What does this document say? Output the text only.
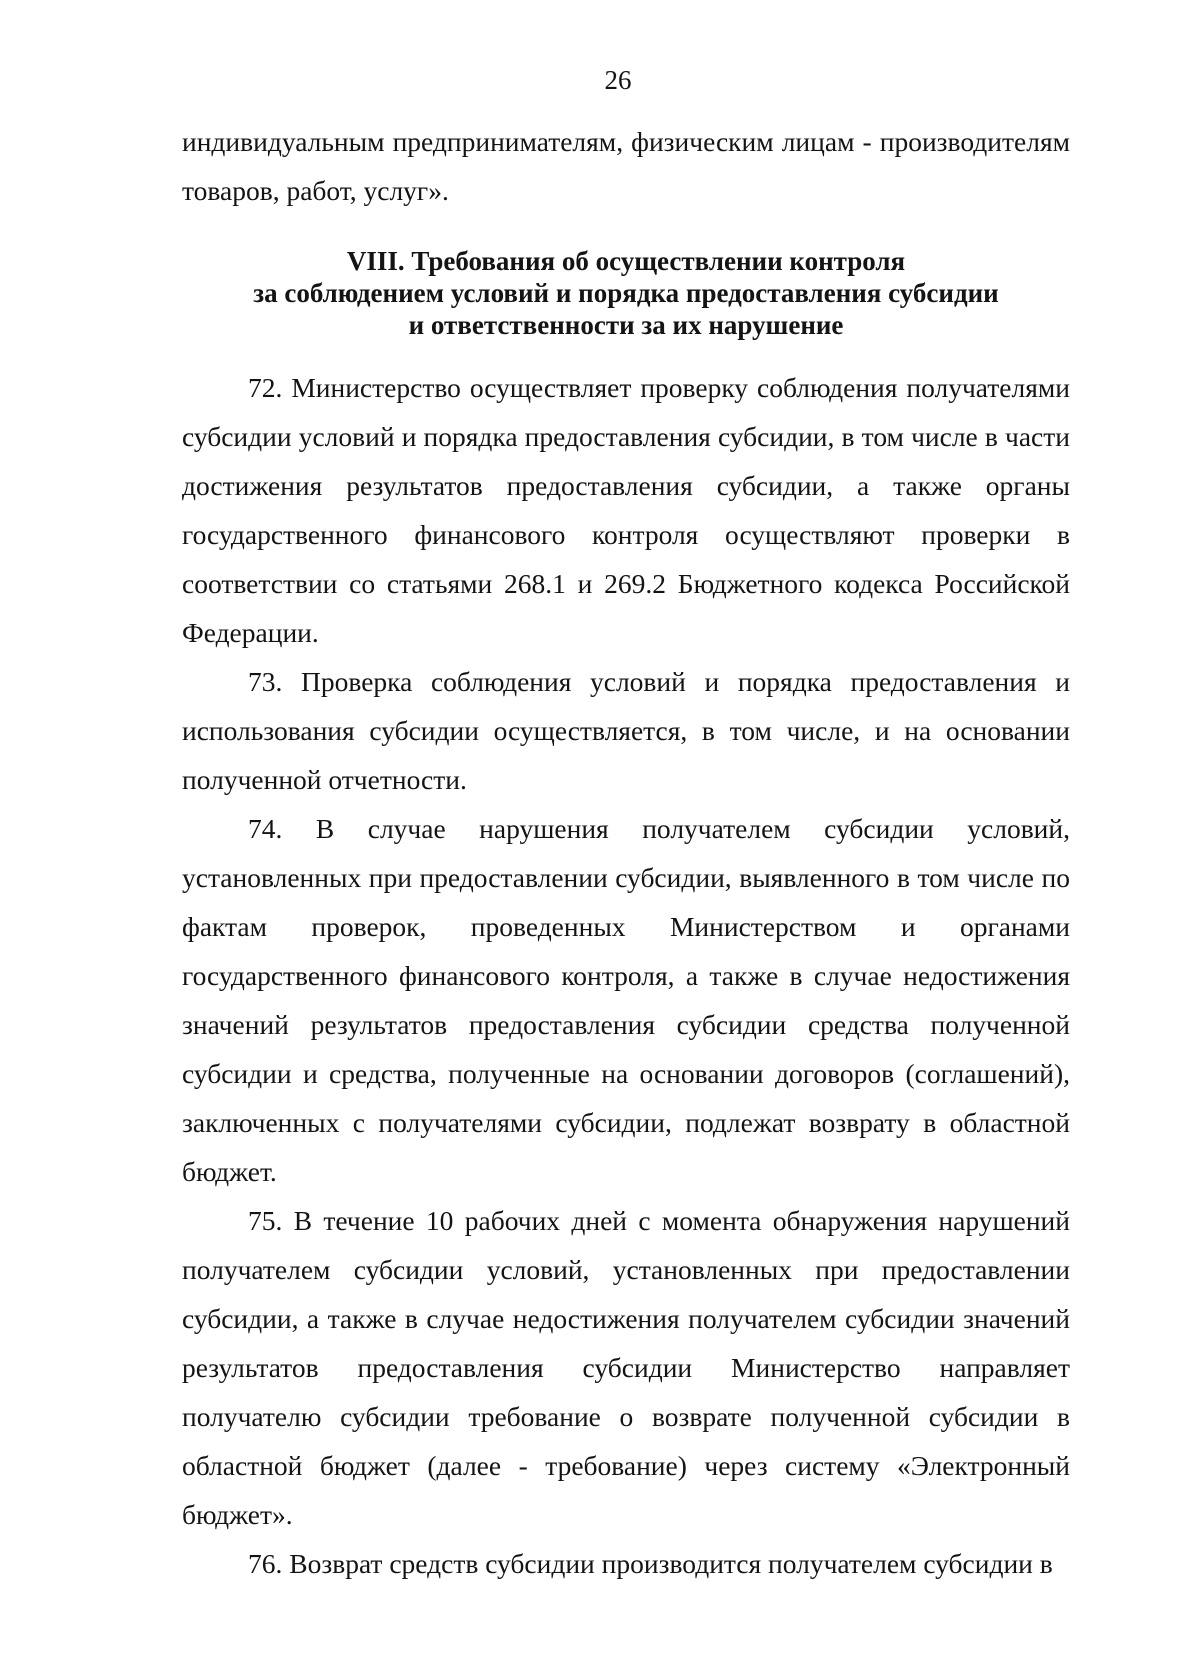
26

индивидуальным предпринимателям, физическим лицам - производителям товаров, работ, услуг».

VIII. Требования об осуществлении контроля
за соблюдением условий и порядка предоставления субсидии
и ответственности за их нарушение

72. Министерство осуществляет проверку соблюдения получателями субсидии условий и порядка предоставления субсидии, в том числе в части достижения результатов предоставления субсидии, а также органы государственного финансового контроля осуществляют проверки в соответствии со статьями 268.1 и 269.2 Бюджетного кодекса Российской Федерации.

73. Проверка соблюдения условий и порядка предоставления и использования субсидии осуществляется, в том числе, и на основании полученной отчетности.

74. В случае нарушения получателем субсидии условий, установленных при предоставлении субсидии, выявленного в том числе по фактам проверок, проведенных Министерством и органами государственного финансового контроля, а также в случае недостижения значений результатов предоставления субсидии средства полученной субсидии и средства, полученные на основании договоров (соглашений), заключенных с получателями субсидии, подлежат возврату в областной бюджет.

75. В течение 10 рабочих дней с момента обнаружения нарушений получателем субсидии условий, установленных при предоставлении субсидии, а также в случае недостижения получателем субсидии значений результатов предоставления субсидии Министерство направляет получателю субсидии требование о возврате полученной субсидии в областной бюджет (далее - требование) через систему «Электронный бюджет».

76. Возврат средств субсидии производится получателем субсидии в
